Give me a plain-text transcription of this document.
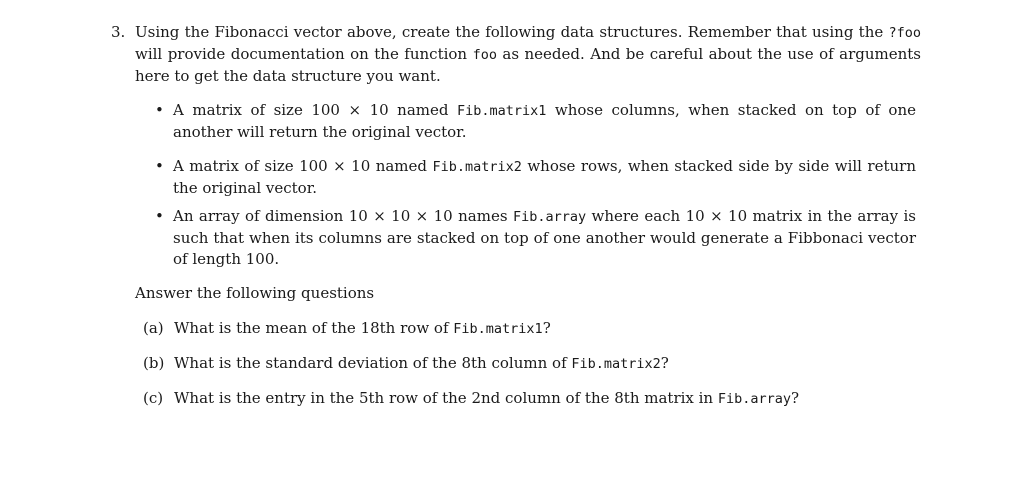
3. Using the Fibonacci vector above, create the following data structures. Remember that using the ?foo will provide documentation on the function foo as needed. And be careful about the use of arguments here to get the data structure you want.

• A matrix of size 100 × 10 named Fib.matrix1 whose columns, when stacked on top of one another will return the original vector.
• A matrix of size 100 × 10 named Fib.matrix2 whose rows, when stacked side by side will return the original vector.
• An array of dimension 10 × 10 × 10 names Fib.array where each 10 × 10 matrix in the array is such that when its columns are stacked on top of one another would generate a Fibbonaci vector of length 100.

Answer the following questions

(a) What is the mean of the 18th row of Fib.matrix1?
(b) What is the standard deviation of the 8th column of Fib.matrix2?
(c) What is the entry in the 5th row of the 2nd column of the 8th matrix in Fib.array?
